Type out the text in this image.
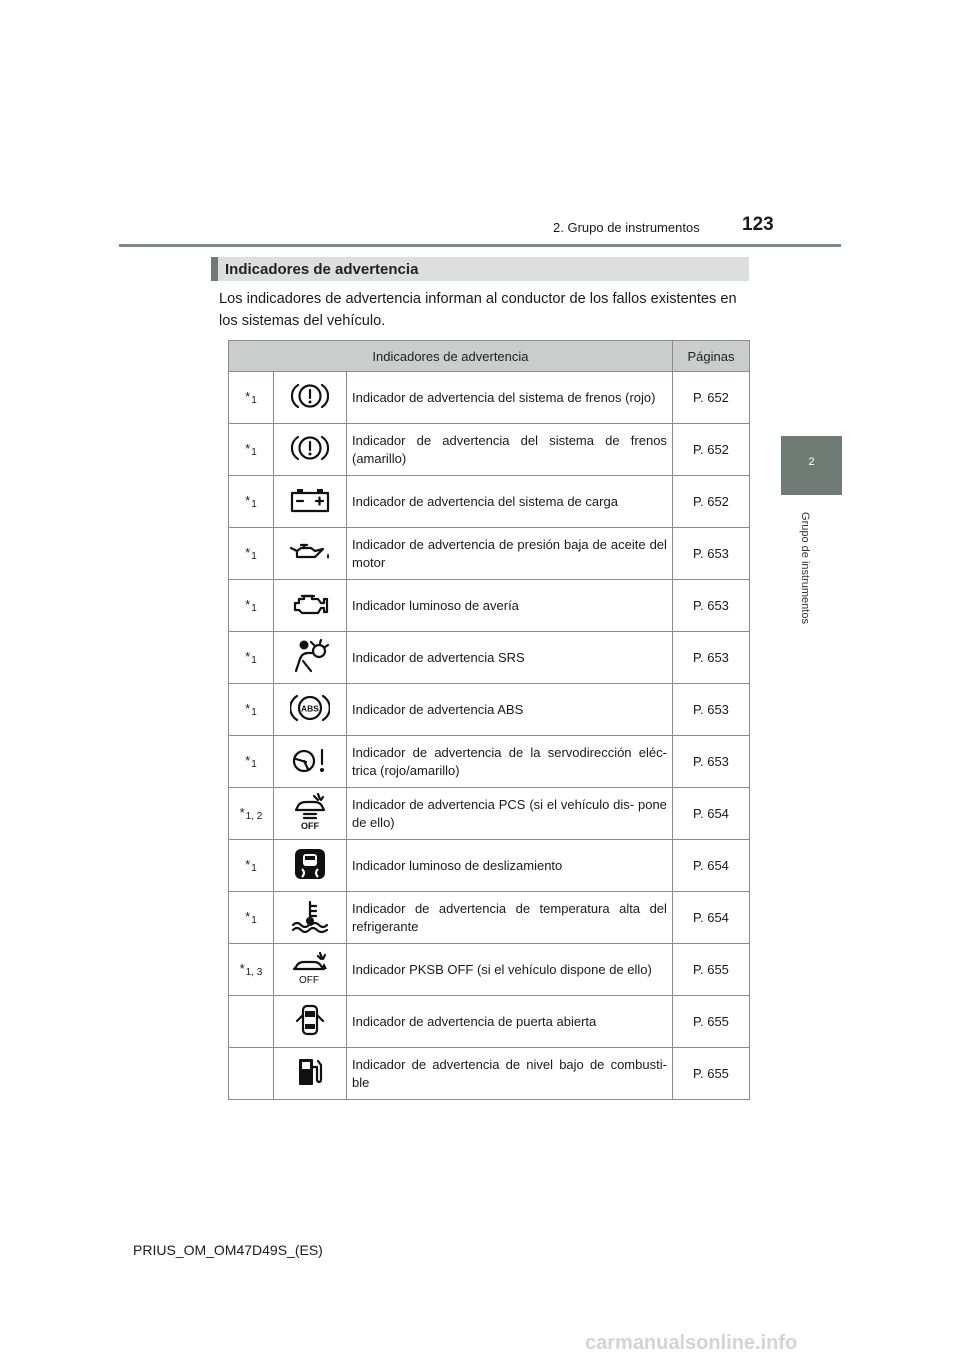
123
2. Grupo de instrumentos
2
Grupo de instrumentos
Indicadores de advertencia
Los indicadores de advertencia informan al conductor de los fallos existentes en los sistemas del vehículo.
Indicadores de advertencia			Páginas
*$^1$		Indicador de advertencia del sistema de frenos (rojo)	P. 652
*$^1$		Indicador de advertencia del sistema de frenos (amarillo)	P. 652
*$^1$		Indicador de advertencia del sistema de carga	P. 652
*$^1$		Indicador de advertencia de presión baja de aceite del motor	P. 653
*$^1$		Indicador luminoso de avería	P. 653
*$^1$		Indicador de advertencia SRS	P. 653
*$^1$	ABS	Indicador de advertencia ABS	P. 653
*$^1$		Indicador de advertencia de la servodirección eléc- trica (rojo/amarillo)	P. 653
*$^{1, 2}$	OFF	Indicador de advertencia PCS (si el vehículo dis- pone de ello)	P. 654
*$^1$		Indicador luminoso de deslizamiento	P. 654
*$^1$		Indicador de advertencia de temperatura alta del refrigerante	P. 654
*$^{1, 3}$	OFF	Indicador PKSB OFF (si el vehículo dispone de ello)	P. 655
		Indicador de advertencia de puerta abierta	P. 655
		Indicador de advertencia de nivel bajo de combusti- ble	P. 655
PRIUS_OM_OM47D49S_(ES)
carmanualsonline.info
